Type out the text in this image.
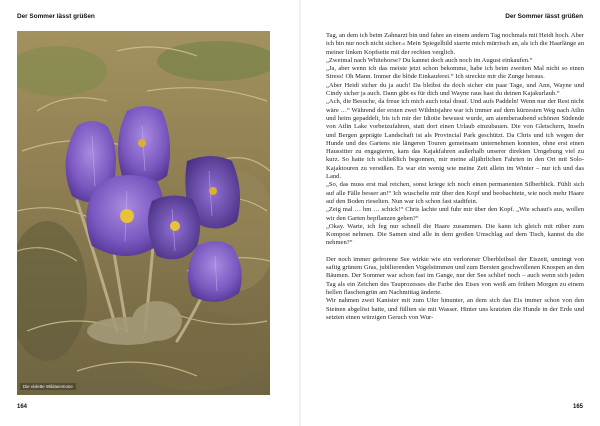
Der Sommer lässt grüßen
Die violette Wildanemone
164
Der Sommer lässt grüßen

Tag, an dem ich beim Zahnarzt bin und fahre an einem andern Tag nochmals mit Heidi hoch. Aber ich bin nur noch nicht sicher.« Mein Spiegelbild starrte mich mürrisch an, als ich die Haarlänge an meiner linken Kopfseite mit der rechten verglich.

„Zweimal nach Whitehorse? Du kannst doch auch noch im August einkaufen.“

„Ja, aber wenn ich das meiste jetzt schon bekomme, habe ich beim zweiten Mal nicht so einen Stress! Oh Mann. Immer die blöde Einkauferei.“ Ich streckte mir die Zunge heraus.

„Aber Heidi sicher du ja auch! Da bleibst du doch sicher ein paar Tage, und Ann, Wayne und Cindy sicher ja auch. Dann gibt es für dich und Wayne raus hast du deinen Kajakurlaub.“

„Ach, die Besuche, da freue ich mich auch total drauf. Und aufs Paddeln! Wenn nur der Rest nicht wäre …“ Während der ersten zwei Wildnisjahre war ich immer auf dem kürzesten Weg nach Atlin und heim gepaddelt, bis ich mir der Idiotie bewusst wurde, am atemberaubend schönen Südende von Atlin Lake vorbeizufahren, statt dort einen Urlaub einzubauen. Die von Gletschern, Inseln und Bergen geprägte Landschaft ist als Provincial Park geschützt. Da Chris und ich wegen der Hunde und des Gartens nie längeren Touren gemeinsam unternehmen konnten, ohne erst einen Haussitter zu engagieren, kam das Kajakfahren außerhalb unserer direkten Umgebung viel zu kurz. So hatte ich schließlich begonnen, mir meine alljährlichen Fahrten in den Ort mit Solo-Kajaktouren zu versüßen. Es war ein wenig wie meine Zeit allein im Winter – nur ich und das Land.

„So, das muss erst mal reichen, sonst kriege ich noch einen permanenten Silberblick. Fühlt sich auf alle Fälle besser an!“ Ich wuschelte mir über den Kopf und beobachtete, wie noch mehr Haare auf den Boden rieselten. Nun war ich schon fast stadtfein.

„Zeig mal … hm … schick!“ Chris lachte und fuhr mir über den Kopf. „Wie schaut's aus, wollen wir den Garten bepflanzen gehen?“

„Okay. Warte, ich feg nur schnell die Haare zusammen. Die kann ich gleich mit rüber zum Kompost nehmen. Die Samen sind alle in dem großen Umschlag auf dem Tisch, kannst du die nehmen?“

Der noch immer gefrorene See wirkte wie ein verlorener Überbleibsel der Eiszeit, umringt von saftig grünem Gras, jubilierenden Vogelstimmen und zum Bersten geschwollenen Knospen an den Bäumen. Der Sommer war schon fast im Gange, nur der See schlief noch – auch wenn sich jeden Tag als ein Zeichen des Tauprozesses die Farbe des Eises von weiß am frühen Morgen zu einem hellen flaschengrün am Nachmittag änderte.

Wir nahmen zwei Kanister mit zum Ufer hinunter, an dem sich das Eis immer schon von den Steinen abgelöst hatte, und füllten sie mit Wasser. Hinter uns kratzten die Hunde in der Erde und setzten einen würzigen Geruch von Wur-

165
